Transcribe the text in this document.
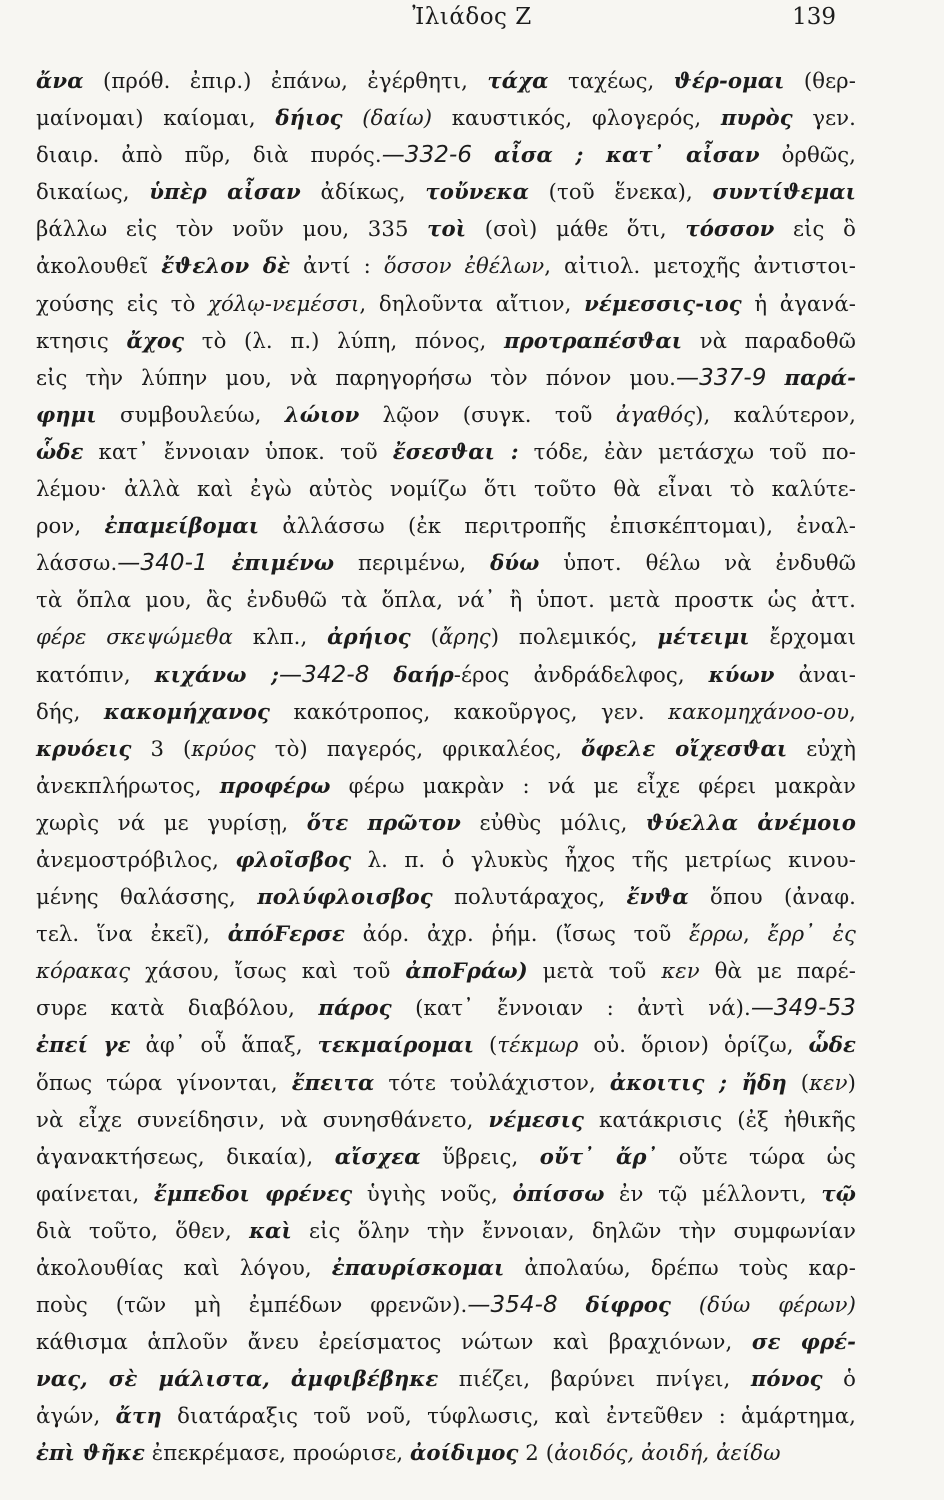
Ἰλιάδος Ζ	139
ἄνα (πρόθ. ἐπιρ.) ἐπάνω, ἐγέρθητι, τάχα ταχέως, ϑέρ-ομαι (θερ-
μαίνομαι) καίομαι, δήιος (δαίω) καυστικός, φλογερός, πυρὸς γεν.
διαιρ. ἀπὸ πῦρ, διὰ πυρός.—332-6 αἶσα ; κατ᾽ αἶσαν ὀρθῶς,
δικαίως, ὑπὲρ αἶσαν ἀδίκως, τοὔνεκα (τοῦ ἕνεκα), συντίϑεμαι
βάλλω εἰς τὸν νοῦν μου, 335 τοὶ (σοὶ) μάθε ὅτι, τόσσον εἰς ὃ
ἀκολουθεῖ ἔϑελον δὲ ἀντί : ὅσσον ἐθέλων, αἰτιολ. μετοχῆς ἀντιστοι-
χούσης εἰς τὸ χόλῳ-νεμέσσι, δηλοῦντα αἴτιον, νέμεσσις-ιος ἡ ἀγανά-
κτησις ἄχος τὸ (λ. π.) λύπη, πόνος, προτραπέσϑαι νὰ παραδοθῶ
εἰς τὴν λύπην μου, νὰ παρηγορήσω τὸν πόνον μου.—337-9 παρά-
φημι συμβουλεύω, λώιον λῷον (συγκ. τοῦ ἀγαθός), καλύτερον,
ὧδε κατ᾽ ἔννοιαν ὑποκ. τοῦ ἔσεσϑαι : τόδε, ἐὰν μετάσχω τοῦ πο-
λέμου· ἀλλὰ καὶ ἐγὼ αὐτὸς νομίζω ὅτι τοῦτο θὰ εἶναι τὸ καλύτε-
ρον, ἐπαμείβομαι ἀλλάσσω (ἐκ περιτροπῆς ἐπισκέπτομαι), ἐναλ-
λάσσω.—340-1 ἐπιμένω περιμένω, δύω ὑποτ. θέλω νὰ ἐνδυθῶ
τὰ ὅπλα μου, ἂς ἐνδυθῶ τὰ ὅπλα, νά᾽ ἢ ὑποτ. μετὰ προστκ ὡς ἀττ.
φέρε σκεψώμεθα κλπ., ἀρήιος (ἄρης) πολεμικός, μέτειμι ἔρχομαι
κατόπιν, κιχάνω ;—342-8 δαήρ-έρος ἀνδράδελφος, κύων ἀναι-
δής, κακομήχανος κακότροπος, κακοῦργος, γεν. κακομηχάνοο-ου,
κρυόεις 3 (κρύος τὸ) παγερός, φρικαλέος, ὄφελε οἴχεσϑαι εὐχὴ
ἀνεκπλήρωτος, προφέρω φέρω μακρὰν : νά με εἶχε φέρει μακρὰν
χωρὶς νά με γυρίσῃ, ὅτε πρῶτον εὐθὺς μόλις, ϑύελλα ἀνέμοιο
ἀνεμοστρόβιλος, φλοῖσβος λ. π. ὁ γλυκὺς ἦχος τῆς μετρίως κινου-
μένης θαλάσσης, πολύφλοισβος πολυτάραχος, ἔνϑα ὅπου (ἀναφ.
τελ. ἵνα ἐκεῖ), ἀπόϜερσε ἀόρ. ἀχρ. ῥήμ. (ἴσως τοῦ ἔρρω, ἔρρ᾽ ἐς
κόρακας χάσου, ἴσως καὶ τοῦ ἀποϜράω) μετὰ τοῦ κεν θὰ με παρέ-
συρε κατὰ διαβόλου, πάρος (κατ᾽ ἔννοιαν : ἀντὶ νά).—349-53
ἐπεί γε ἀφ᾽ οὗ ἅπαξ, τεκμαίρομαι (τέκμωρ οὐ. ὅριον) ὁρίζω, ὧδε
ὅπως τώρα γίνονται, ἔπειτα τότε τοὐλάχιστον, ἀκοιτις ; ἤδη (κεν)
νὰ εἶχε συνείδησιν, νὰ συνησθάνετο, νέμεσις κατάκρισις (ἐξ ἠθικῆς
ἀγανακτήσεως, δικαία), αἴσχεα ὕβρεις, οὔτ᾽ ἄρ᾽ οὔτε τώρα ὡς
φαίνεται, ἔμπεδοι φρένες ὑγιὴς νοῦς, ὀπίσσω ἐν τῷ μέλλοντι, τῷ
διὰ τοῦτο, ὅθεν, καὶ εἰς ὅλην τὴν ἔννοιαν, δηλῶν τὴν συμφωνίαν
ἀκολουθίας καὶ λόγου, ἐπαυρίσκομαι ἀπολαύω, δρέπω τοὺς καρ-
ποὺς (τῶν μὴ ἐμπέδων φρενῶν).—354-8 δίφρος (δύω φέρων)
κάθισμα ἁπλοῦν ἄνευ ἐρείσματος νώτων καὶ βραχιόνων, σε φρέ-
νας, σὲ μάλιστα, ἀμφιβέβηκε πιέζει, βαρύνει πνίγει, πόνος ὁ
ἀγών, ἄτη διατάραξις τοῦ νοῦ, τύφλωσις, καὶ ἐντεῦθεν : ἁμάρτημα,
ἐπὶ ϑῆκε ἐπεκρέμασε, προώρισε, ἀοίδιμος 2 (ἀοιδός, ἀοιδή, ἀείδω
